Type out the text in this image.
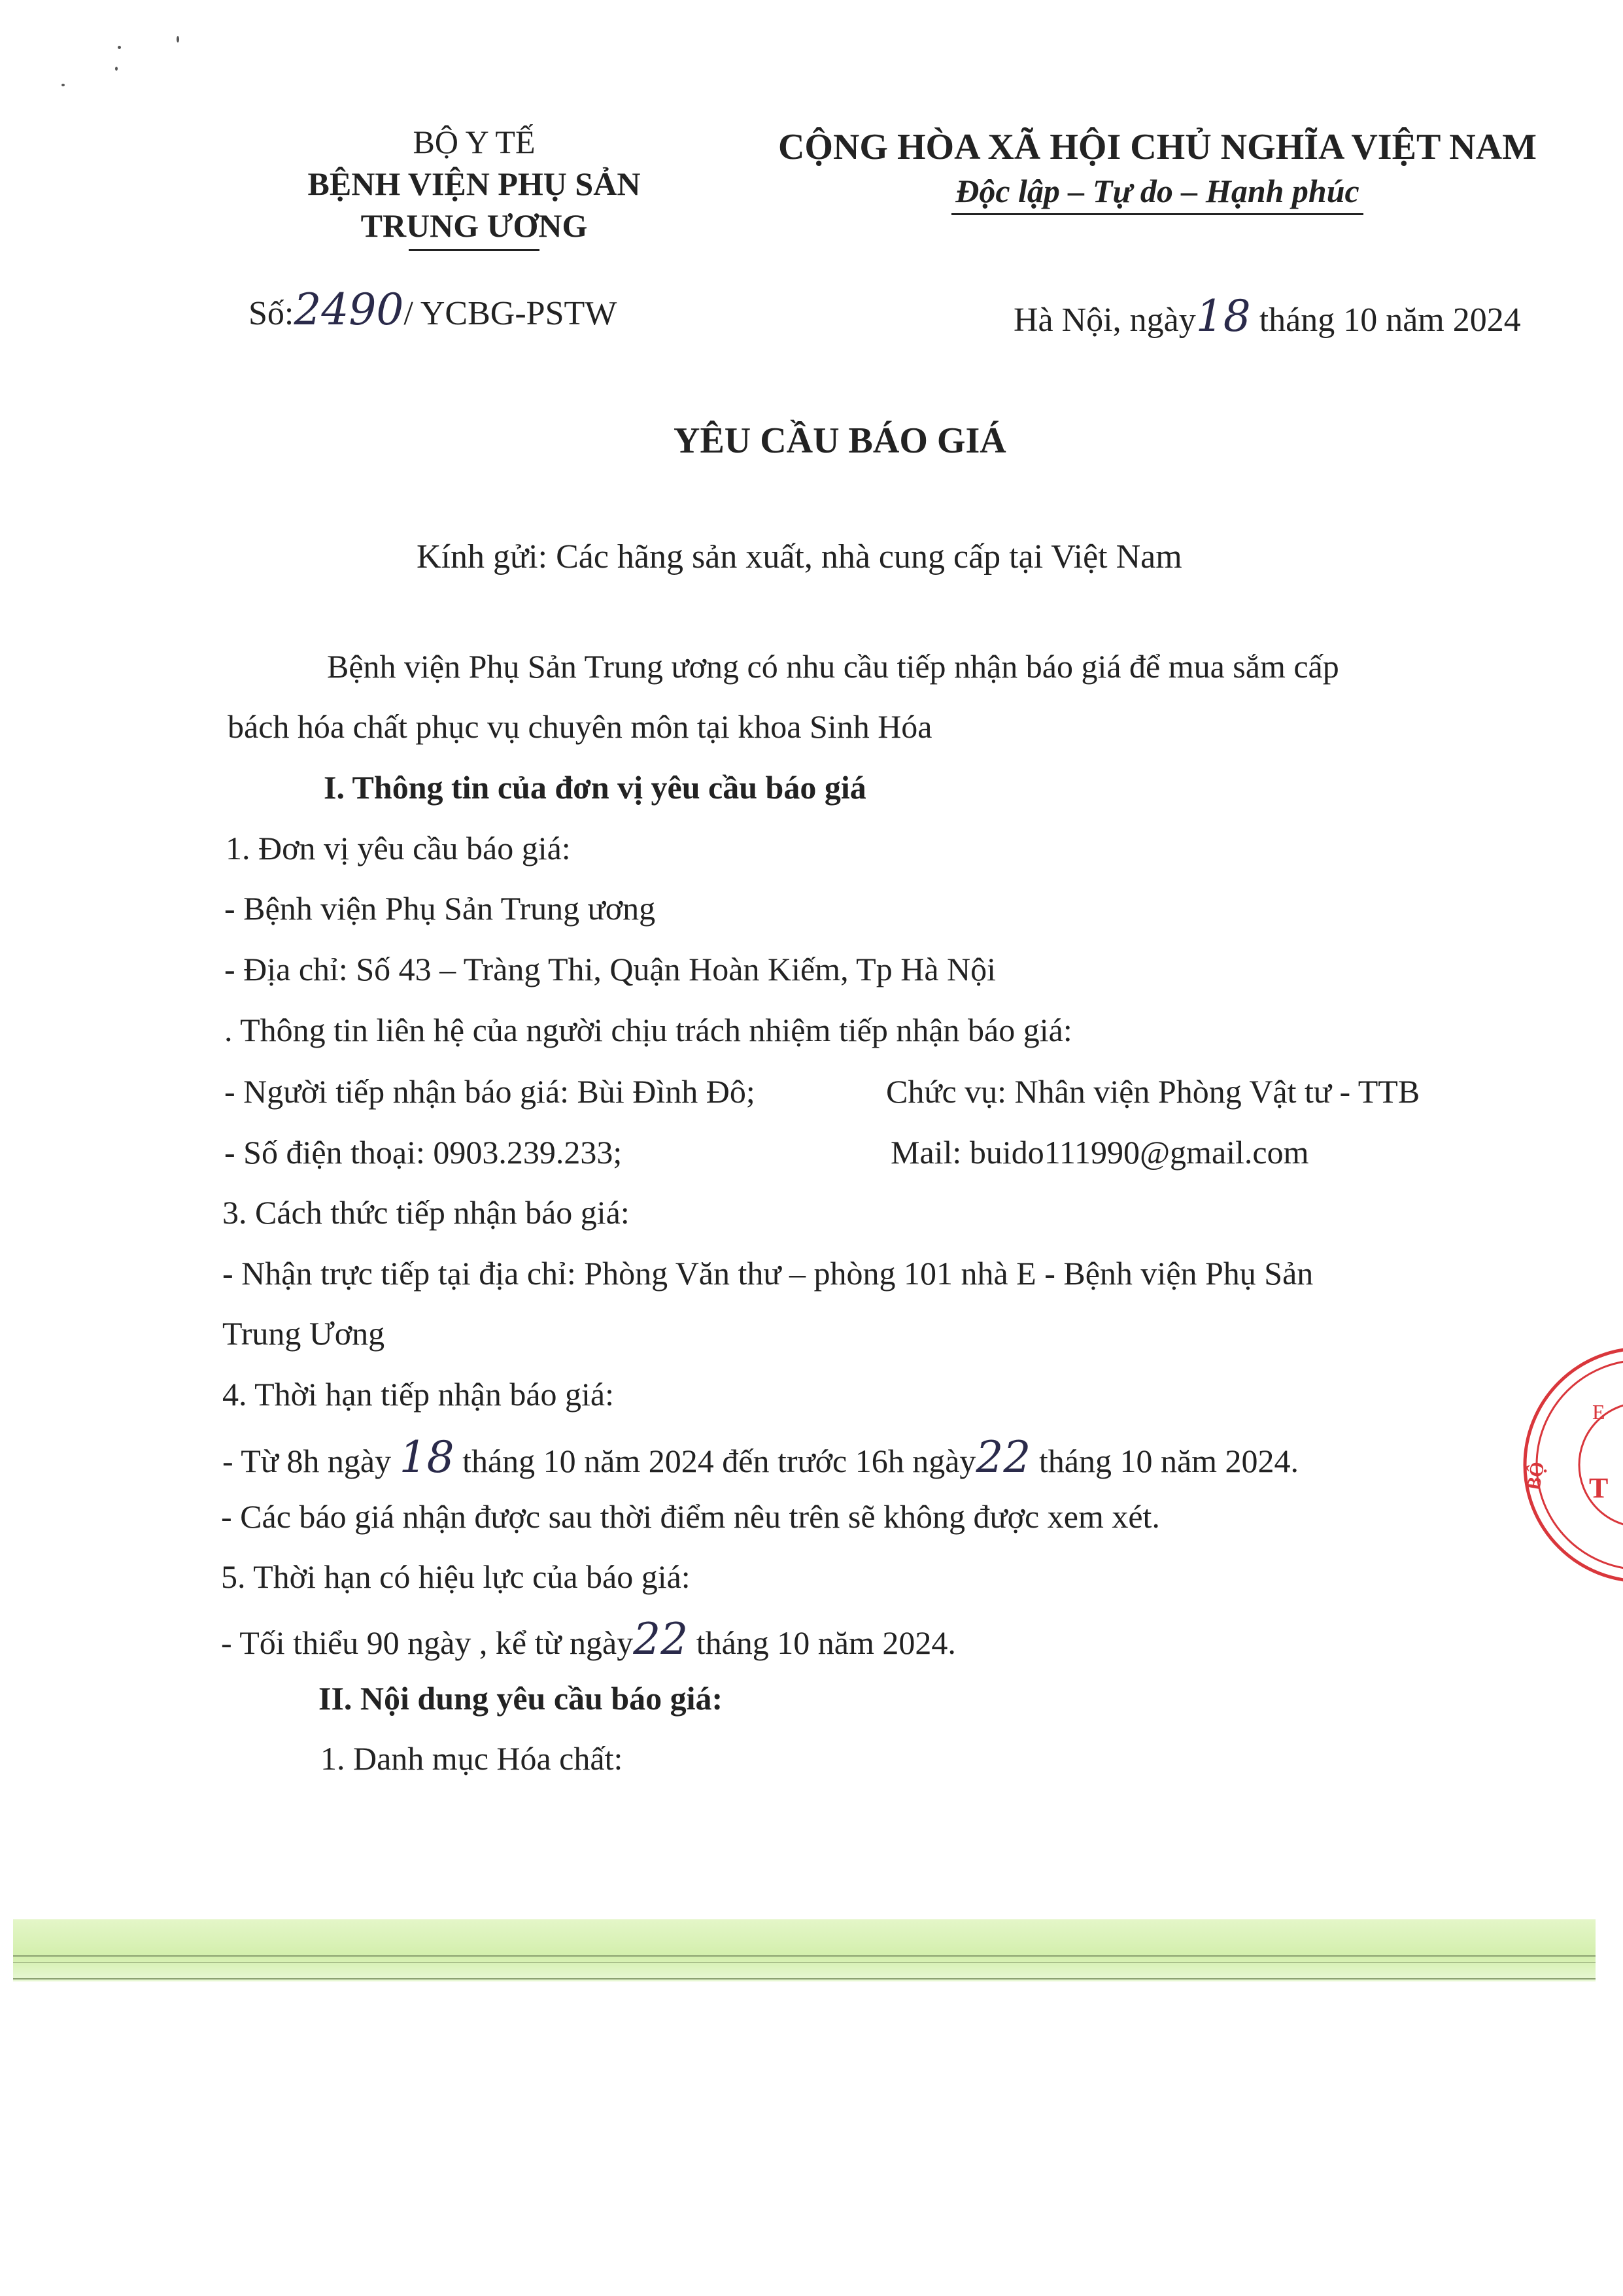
BỘ Y TẾ
BỆNH VIỆN PHỤ SẢN
TRUNG ƯƠNG
CỘNG HÒA XÃ HỘI CHỦ NGHĨA VIỆT NAM
Độc lập – Tự do – Hạnh phúc
Số:2490/ YCBG-PSTW	Hà Nội, ngày18 tháng 10 năm 2024
YÊU CẦU BÁO GIÁ
Kính gửi: Các hãng sản xuất, nhà cung cấp tại Việt Nam
Bệnh viện Phụ Sản Trung ương có nhu cầu tiếp nhận báo giá để mua sắm cấp
bách hóa chất phục vụ chuyên môn tại khoa Sinh Hóa
I. Thông tin của đơn vị yêu cầu báo giá
1. Đơn vị yêu cầu báo giá:
- Bệnh viện Phụ Sản Trung ương
- Địa chỉ: Số 43 – Tràng Thi, Quận Hoàn Kiếm, Tp Hà Nội
. Thông tin liên hệ của người chịu trách nhiệm tiếp nhận báo giá:
- Người tiếp nhận báo giá: Bùi Đình Đô;	Chức vụ: Nhân viện Phòng Vật tư - TTB
- Số điện thoại: 0903.239.233;	Mail: buido111990@gmail.com
3. Cách thức tiếp nhận báo giá:
- Nhận trực tiếp tại địa chỉ: Phòng Văn thư – phòng 101 nhà E - Bệnh viện Phụ Sản
Trung Ương
4. Thời hạn tiếp nhận báo giá:
- Từ 8h ngày 18 tháng 10 năm 2024 đến trước 16h ngày22 tháng 10 năm 2024.
- Các báo giá nhận được sau thời điểm nêu trên sẽ không được xem xét.
5. Thời hạn có hiệu lực của báo giá:
- Tối thiểu 90 ngày , kể từ ngày22 tháng 10 năm 2024.
II. Nội dung yêu cầu báo giá:
1. Danh mục Hóa chất:
BỘ T
E
